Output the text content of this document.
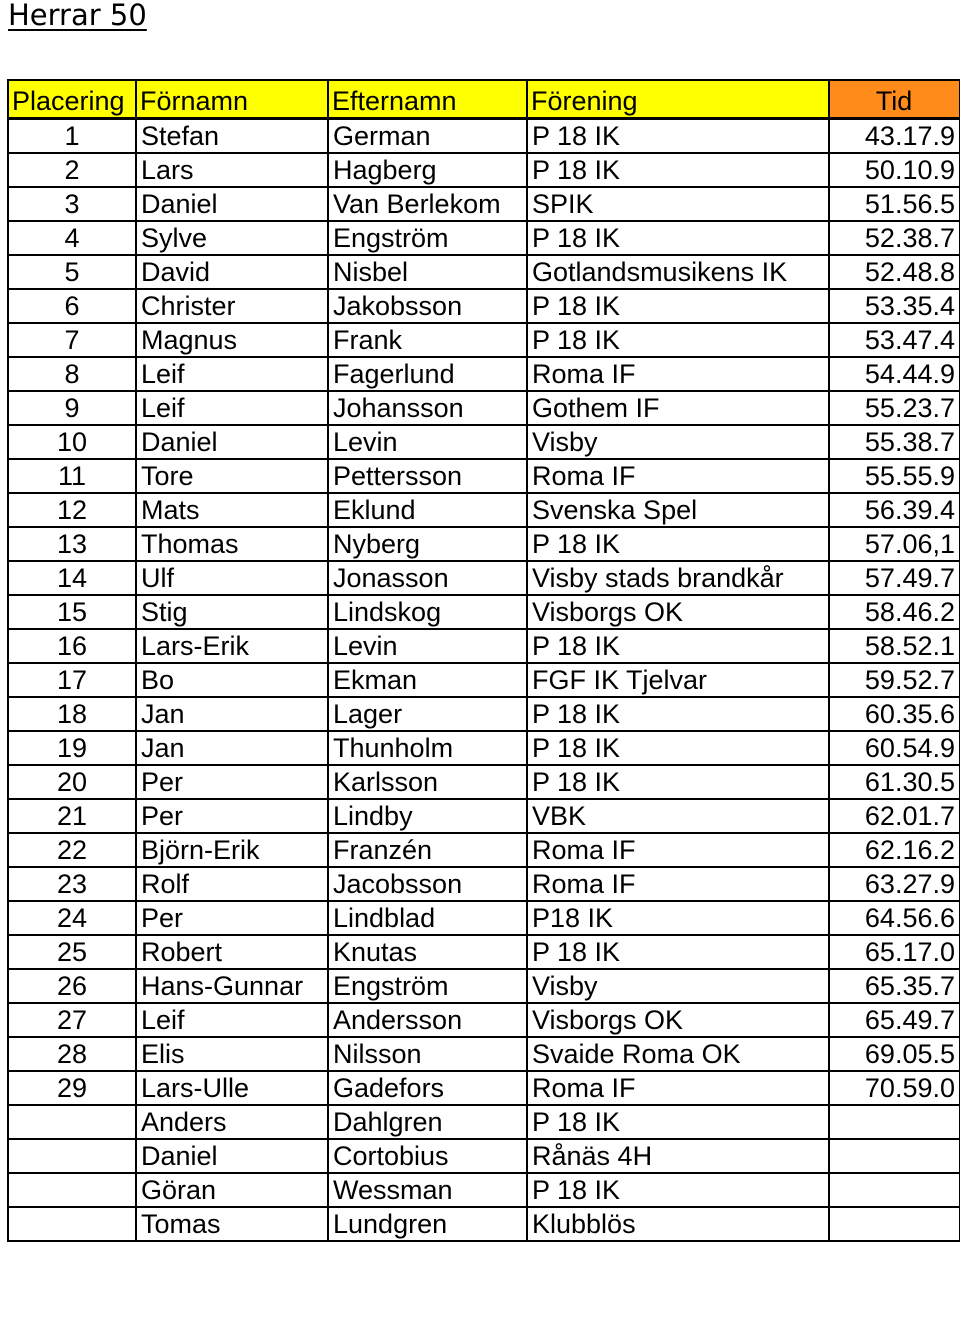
Herrar 50
Placering	Förnamn	Efternamn	Förening	Tid
1	Stefan	German	P 18 IK	43.17.9
2	Lars	Hagberg	P 18 IK	50.10.9
3	Daniel	Van Berlekom	SPIK	51.56.5
4	Sylve	Engström	P 18 IK	52.38.7
5	David	Nisbel	Gotlandsmusikens IK	52.48.8
6	Christer	Jakobsson	P 18 IK	53.35.4
7	Magnus	Frank	P 18 IK	53.47.4
8	Leif	Fagerlund	Roma IF	54.44.9
9	Leif	Johansson	Gothem IF	55.23.7
10	Daniel	Levin	Visby	55.38.7
11	Tore	Pettersson	Roma IF	55.55.9
12	Mats	Eklund	Svenska Spel	56.39.4
13	Thomas	Nyberg	P 18 IK	57.06,1
14	Ulf	Jonasson	Visby stads brandkår	57.49.7
15	Stig	Lindskog	Visborgs OK	58.46.2
16	Lars-Erik	Levin	P 18 IK	58.52.1
17	Bo	Ekman	FGF IK Tjelvar	59.52.7
18	Jan	Lager	P 18 IK	60.35.6
19	Jan	Thunholm	P 18 IK	60.54.9
20	Per	Karlsson	P 18 IK	61.30.5
21	Per	Lindby	VBK	62.01.7
22	Björn-Erik	Franzén	Roma IF	62.16.2
23	Rolf	Jacobsson	Roma IF	63.27.9
24	Per	Lindblad	P18 IK	64.56.6
25	Robert	Knutas	P 18 IK	65.17.0
26	Hans-Gunnar	Engström	Visby	65.35.7
27	Leif	Andersson	Visborgs OK	65.49.7
28	Elis	Nilsson	Svaide Roma OK	69.05.5
29	Lars-Ulle	Gadefors	Roma IF	70.59.0
	Anders	Dahlgren	P 18 IK	
	Daniel	Cortobius	Rånäs 4H	
	Göran	Wessman	P 18 IK	
	Tomas	Lundgren	Klubblös	
